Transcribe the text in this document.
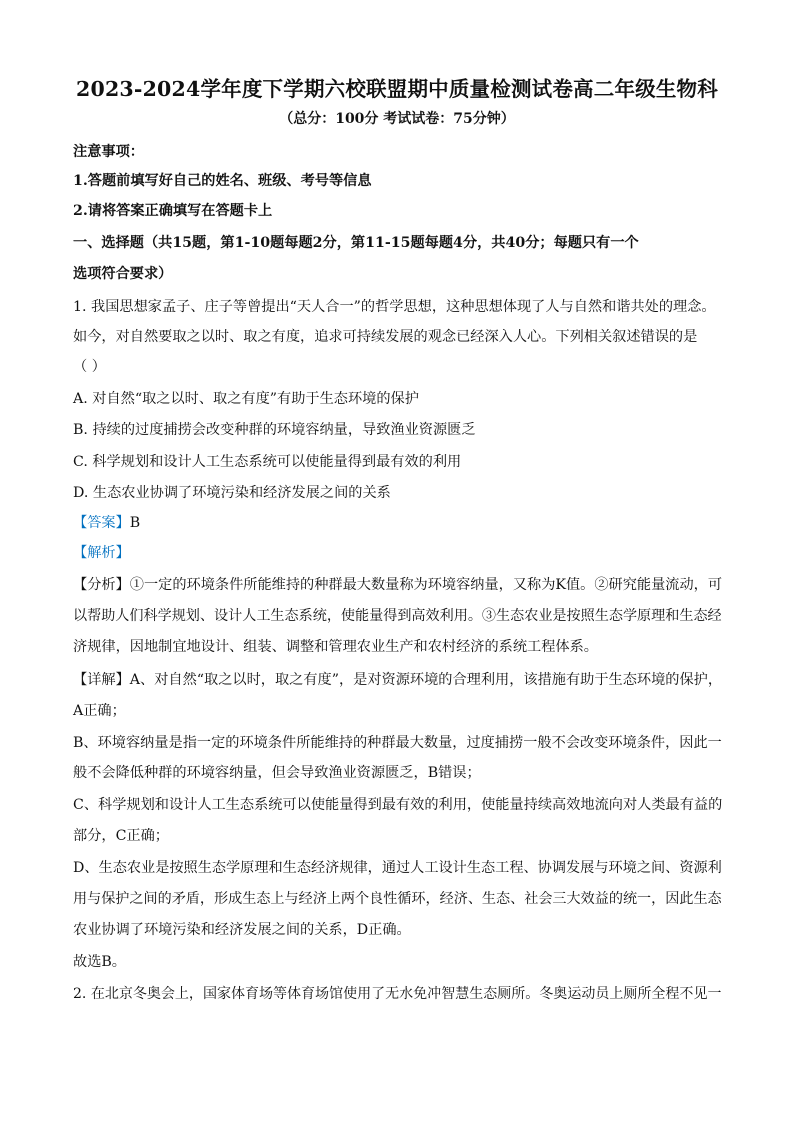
2023-2024学年度下学期六校联盟期中质量检测试卷高二年级生物科
（总分：100分 考试试卷：75分钟）
注意事项：
1.答题前填写好自己的姓名、班级、考号等信息
2.请将答案正确填写在答题卡上
一、选择题（共15题，第1-10题每题2分，第11-15题每题4分，共40分；每题只有一个
选项符合要求）
1. 我国思想家孟子、庄子等曾提出“天人合一”的哲学思想，这种思想体现了人与自然和谐共处的理念。
如今，对自然要取之以时、取之有度，追求可持续发展的观念已经深入人心。下列相关叙述错误的是
（ ）
A. 对自然“取之以时、取之有度”有助于生态环境的保护
B. 持续的过度捕捞会改变种群的环境容纳量，导致渔业资源匮乏
C. 科学规划和设计人工生态系统可以使能量得到最有效的利用
D. 生态农业协调了环境污染和经济发展之间的关系
【答案】B
【解析】
【分析】①一定的环境条件所能维持的种群最大数量称为环境容纳量，又称为K值。②研究能量流动，可
以帮助人们科学规划、设计人工生态系统，使能量得到高效利用。③生态农业是按照生态学原理和生态经
济规律，因地制宜地设计、组装、调整和管理农业生产和农村经济的系统工程体系。
【详解】A、对自然“取之以时，取之有度”，是对资源环境的合理利用，该措施有助于生态环境的保护，
A正确；
B、环境容纳量是指一定的环境条件所能维持的种群最大数量，过度捕捞一般不会改变环境条件，因此一
般不会降低种群的环境容纳量，但会导致渔业资源匮乏，B错误；
C、科学规划和设计人工生态系统可以使能量得到最有效的利用，使能量持续高效地流向对人类最有益的
部分，C正确；
D、生态农业是按照生态学原理和生态经济规律，通过人工设计生态工程、协调发展与环境之间、资源利
用与保护之间的矛盾，形成生态上与经济上两个良性循环，经济、生态、社会三大效益的统一，因此生态
农业协调了环境污染和经济发展之间的关系，D正确。
故选B。
2. 在北京冬奥会上，国家体育场等体育场馆使用了无水免冲智慧生态厕所。冬奥运动员上厕所全程不见一
